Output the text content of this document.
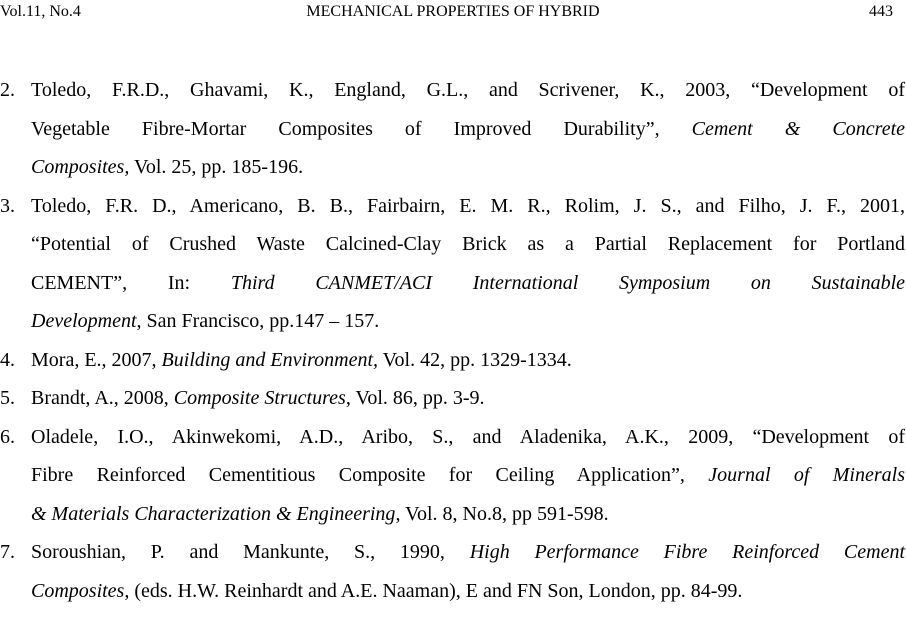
Vol.11, No.4	MECHANICAL PROPERTIES OF HYBRID	443
2. Toledo, F.R.D., Ghavami, K., England, G.L., and Scrivener, K., 2003, “Development of
Vegetable Fibre-Mortar Composites of Improved Durability”, Cement & Concrete
Composites, Vol. 25, pp. 185-196.
3. Toledo, F.R. D., Americano, B. B., Fairbairn, E. M. R., Rolim, J. S., and Filho, J. F., 2001,
“Potential of Crushed Waste Calcined-Clay Brick as a Partial Replacement for Portland
CEMENT”, In: Third CANMET/ACI International Symposium on Sustainable
Development, San Francisco, pp.147 – 157.
4. Mora, E., 2007, Building and Environment, Vol. 42, pp. 1329-1334.
5. Brandt, A., 2008, Composite Structures, Vol. 86, pp. 3-9.
6. Oladele, I.O., Akinwekomi, A.D., Aribo, S., and Aladenika, A.K., 2009, “Development of
Fibre Reinforced Cementitious Composite for Ceiling Application”, Journal of Minerals
& Materials Characterization & Engineering, Vol. 8, No.8, pp 591-598.
7. Soroushian, P. and Mankunte, S., 1990, High Performance Fibre Reinforced Cement
Composites, (eds. H.W. Reinhardt and A.E. Naaman), E and FN Son, London, pp. 84-99.
